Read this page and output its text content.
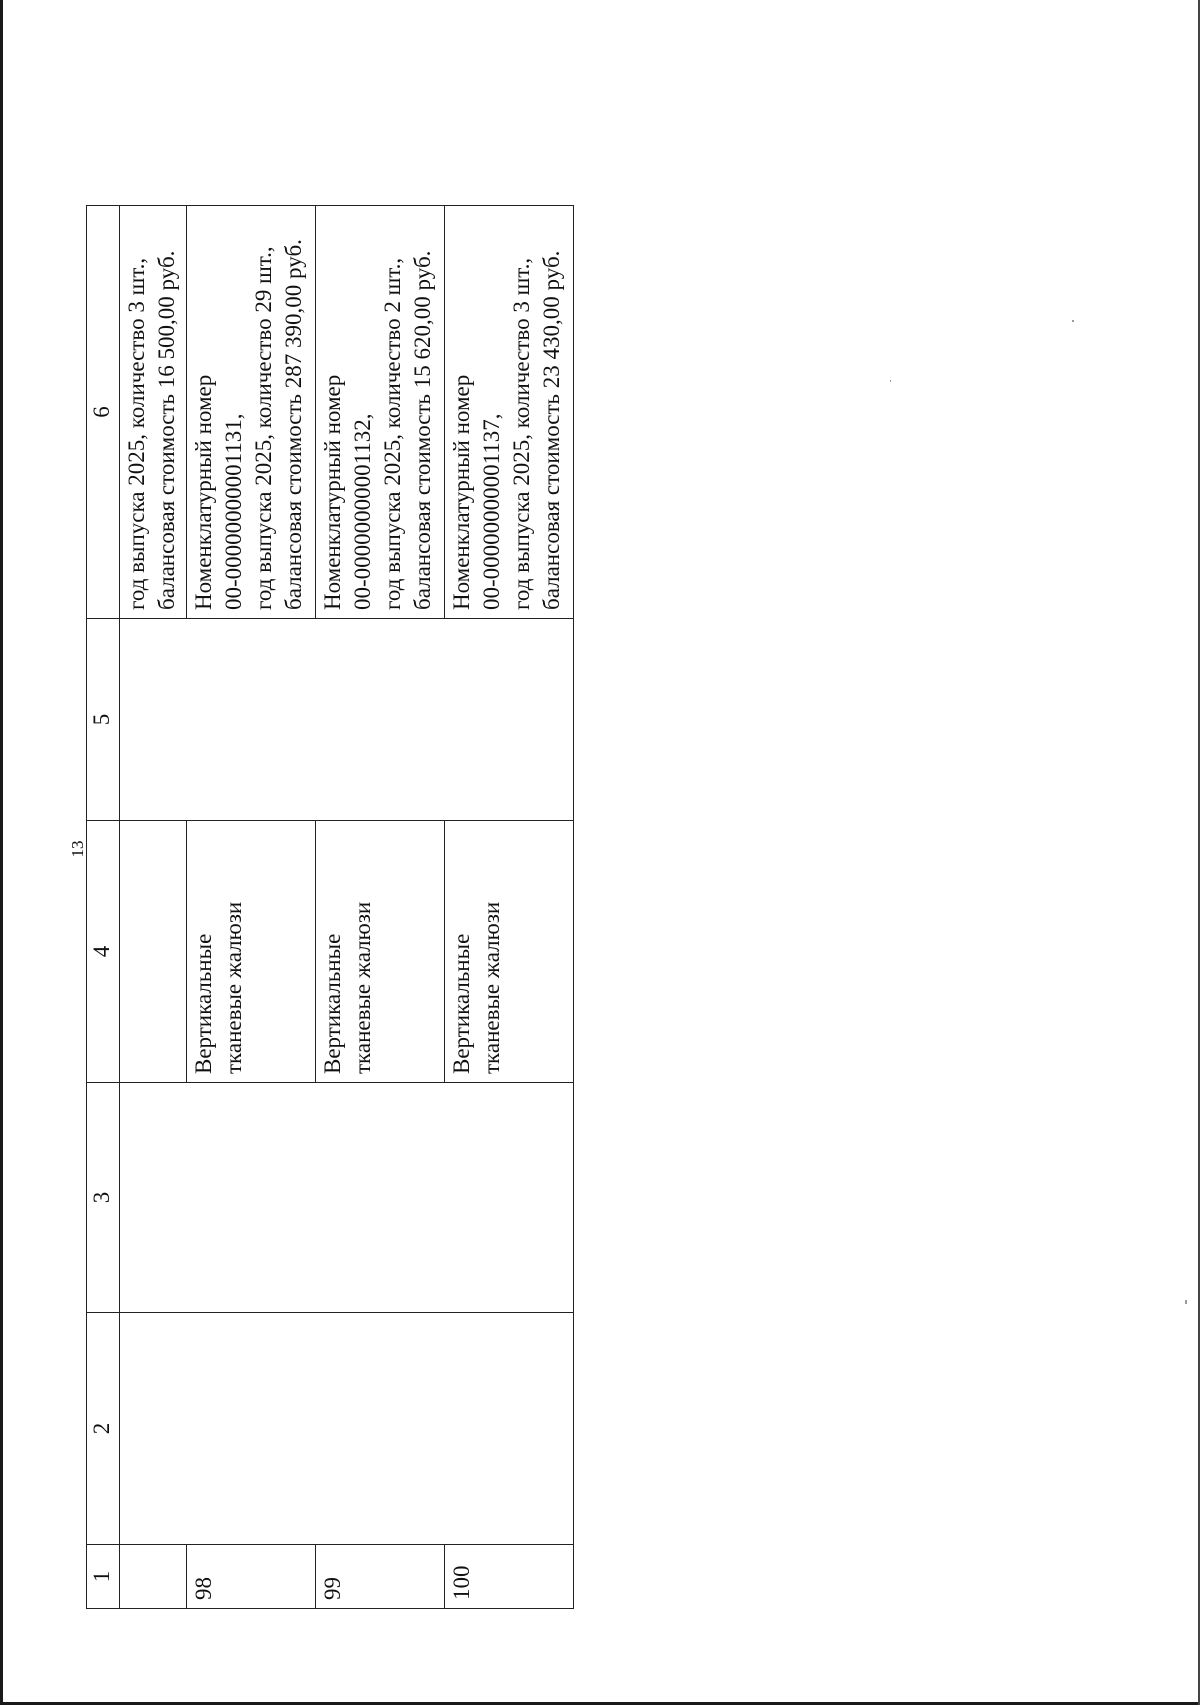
13
1	2	3	4	5	6

					год выпуска 2025, количество 3 шт.,
балансовая стоимость 16 500,00 руб.

98			Вертикальные
тканевые жалюзи		Номенклатурный номер
00-00000000001131,
год выпуска 2025, количество 29 шт.,
балансовая стоимость 287 390,00 руб.

99			Вертикальные
тканевые жалюзи		Номенклатурный номер
00-00000000001132,
год выпуска 2025, количество 2 шт.,
балансовая стоимость 15 620,00 руб.

100			Вертикальные
тканевые жалюзи		Номенклатурный номер
00-00000000001137,
год выпуска 2025, количество 3 шт.,
балансовая стоимость 23 430,00 руб.
